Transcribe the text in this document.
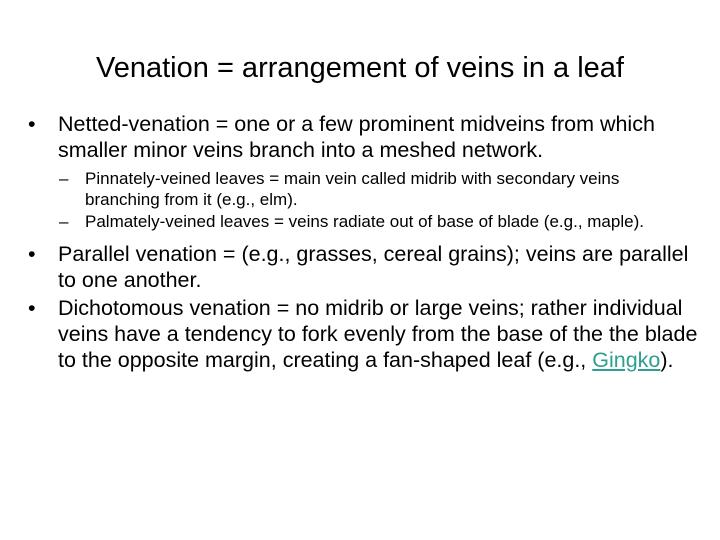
Venation = arrangement of veins in a leaf
•	Netted-venation = one or a few prominent midveins from which smaller minor veins branch into a meshed network.
– Pinnately-veined leaves = main vein called midrib with secondary veins branching from it (e.g., elm).
– Palmately-veined leaves = veins radiate out of base of blade (e.g., maple).
•	Parallel venation = (e.g., grasses, cereal grains); veins are parallel to one another.
•	Dichotomous venation = no midrib or large veins; rather individual veins have a tendency to fork evenly from the base of the the blade to the opposite margin, creating a fan-shaped leaf (e.g., Gingko).
